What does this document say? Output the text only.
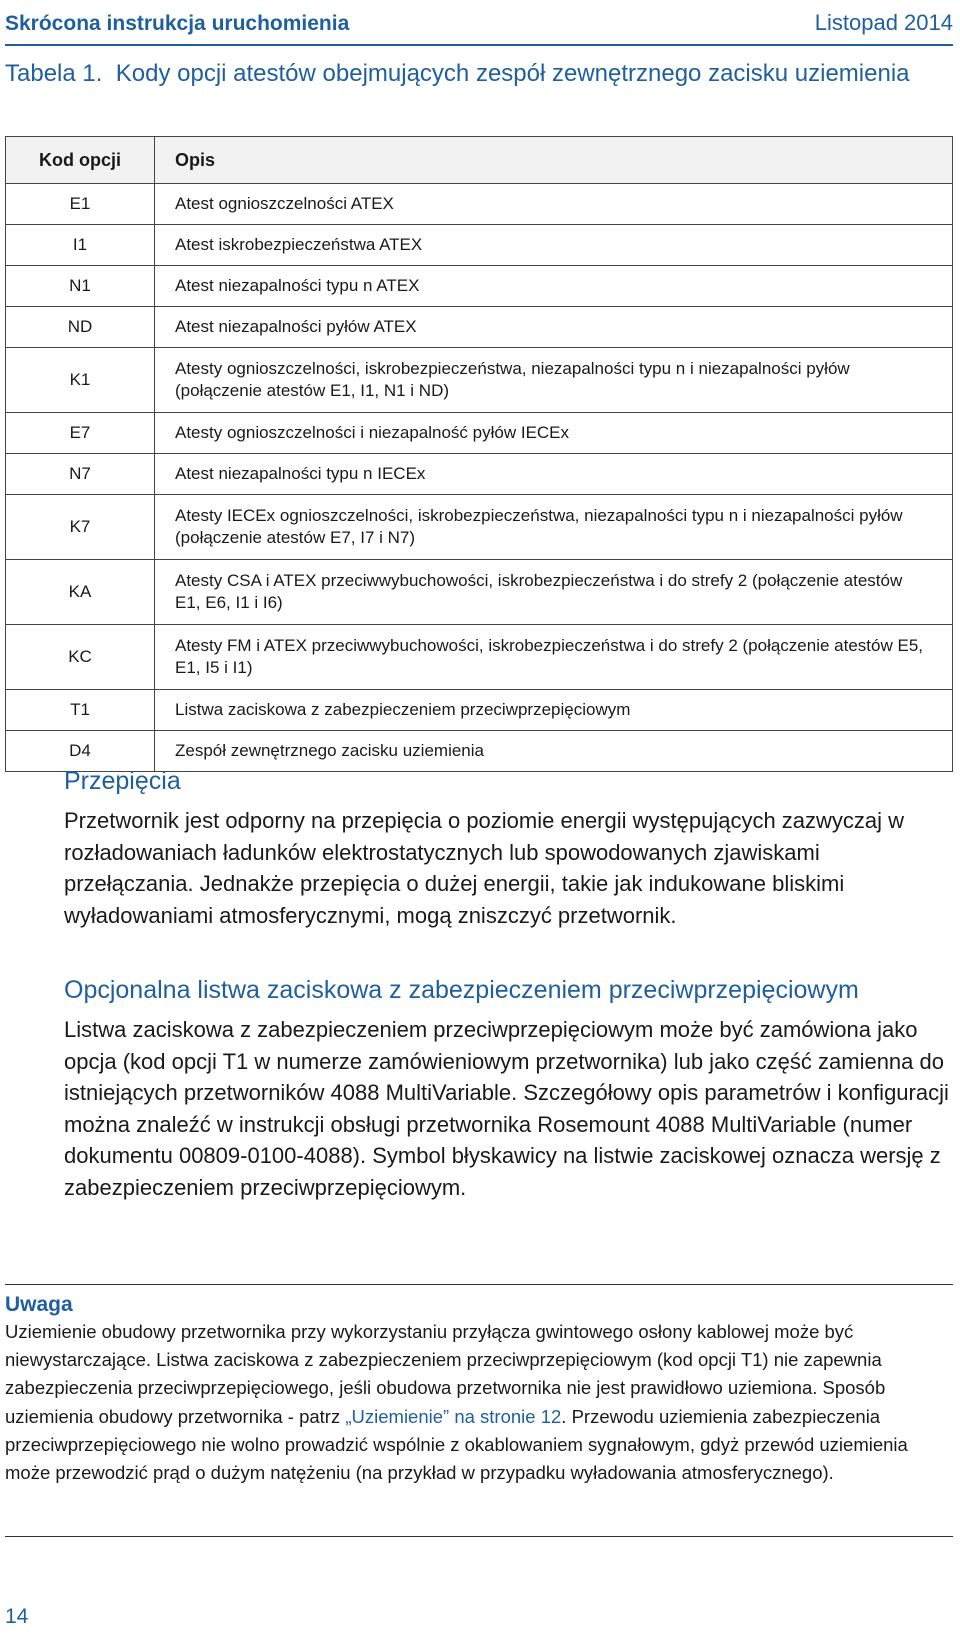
Skrócona instrukcja uruchomienia	Listopad 2014
Tabela 1. Kody opcji atestów obejmujących zespół zewnętrznego zacisku uziemienia
Kod opcji	Opis
E1	Atest ognioszczelności ATEX
I1	Atest iskrobezpieczeństwa ATEX
N1	Atest niezapalności typu n ATEX
ND	Atest niezapalności pyłów ATEX
K1	Atesty ognioszczelności, iskrobezpieczeństwa, niezapalności typu n i niezapalności pyłów (połączenie atestów E1, I1, N1 i ND)
E7	Atesty ognioszczelności i niezapalność pyłów IECEx
N7	Atest niezapalności typu n IECEx
K7	Atesty IECEx ognioszczelności, iskrobezpieczeństwa, niezapalności typu n i niezapalności pyłów (połączenie atestów E7, I7 i N7)
KA	Atesty CSA i ATEX przeciwwybuchowości, iskrobezpieczeństwa i do strefy 2 (połączenie atestów E1, E6, I1 i I6)
KC	Atesty FM i ATEX przeciwwybuchowości, iskrobezpieczeństwa i do strefy 2 (połączenie atestów E5, E1, I5 i I1)
T1	Listwa zaciskowa z zabezpieczeniem przeciwprzepięciowym
D4	Zespół zewnętrznego zacisku uziemienia
Przepięcia

Przetwornik jest odporny na przepięcia o poziomie energii występujących zazwyczaj w rozładowaniach ładunków elektrostatycznych lub spowodowanych zjawiskami przełączania. Jednakże przepięcia o dużej energii, takie jak indukowane bliskimi wyładowaniami atmosferycznymi, mogą zniszczyć przetwornik.

Opcjonalna listwa zaciskowa z zabezpieczeniem przeciwprzepięciowym

Listwa zaciskowa z zabezpieczeniem przeciwprzepięciowym może być zamówiona jako opcja (kod opcji T1 w numerze zamówieniowym przetwornika) lub jako część zamienna do istniejących przetworników 4088 MultiVariable. Szczegółowy opis parametrów i konfiguracji można znaleźć w instrukcji obsługi przetwornika Rosemount 4088 MultiVariable (numer dokumentu 00809-0100-4088). Symbol błyskawicy na listwie zaciskowej oznacza wersję z zabezpieczeniem przeciwprzepięciowym.

Uwaga

Uziemienie obudowy przetwornika przy wykorzystaniu przyłącza gwintowego osłony kablowej może być niewystarczające. Listwa zaciskowa z zabezpieczeniem przeciwprzepięciowym (kod opcji T1) nie zapewnia zabezpieczenia przeciwprzepięciowego, jeśli obudowa przetwornika nie jest prawidłowo uziemiona. Sposób uziemienia obudowy przetwornika - patrz „Uziemienie” na stronie 12. Przewodu uziemienia zabezpieczenia przeciwprzepięciowego nie wolno prowadzić wspólnie z okablowaniem sygnałowym, gdyż przewód uziemienia może przewodzić prąd o dużym natężeniu (na przykład w przypadku wyładowania atmosferycznego).

14
